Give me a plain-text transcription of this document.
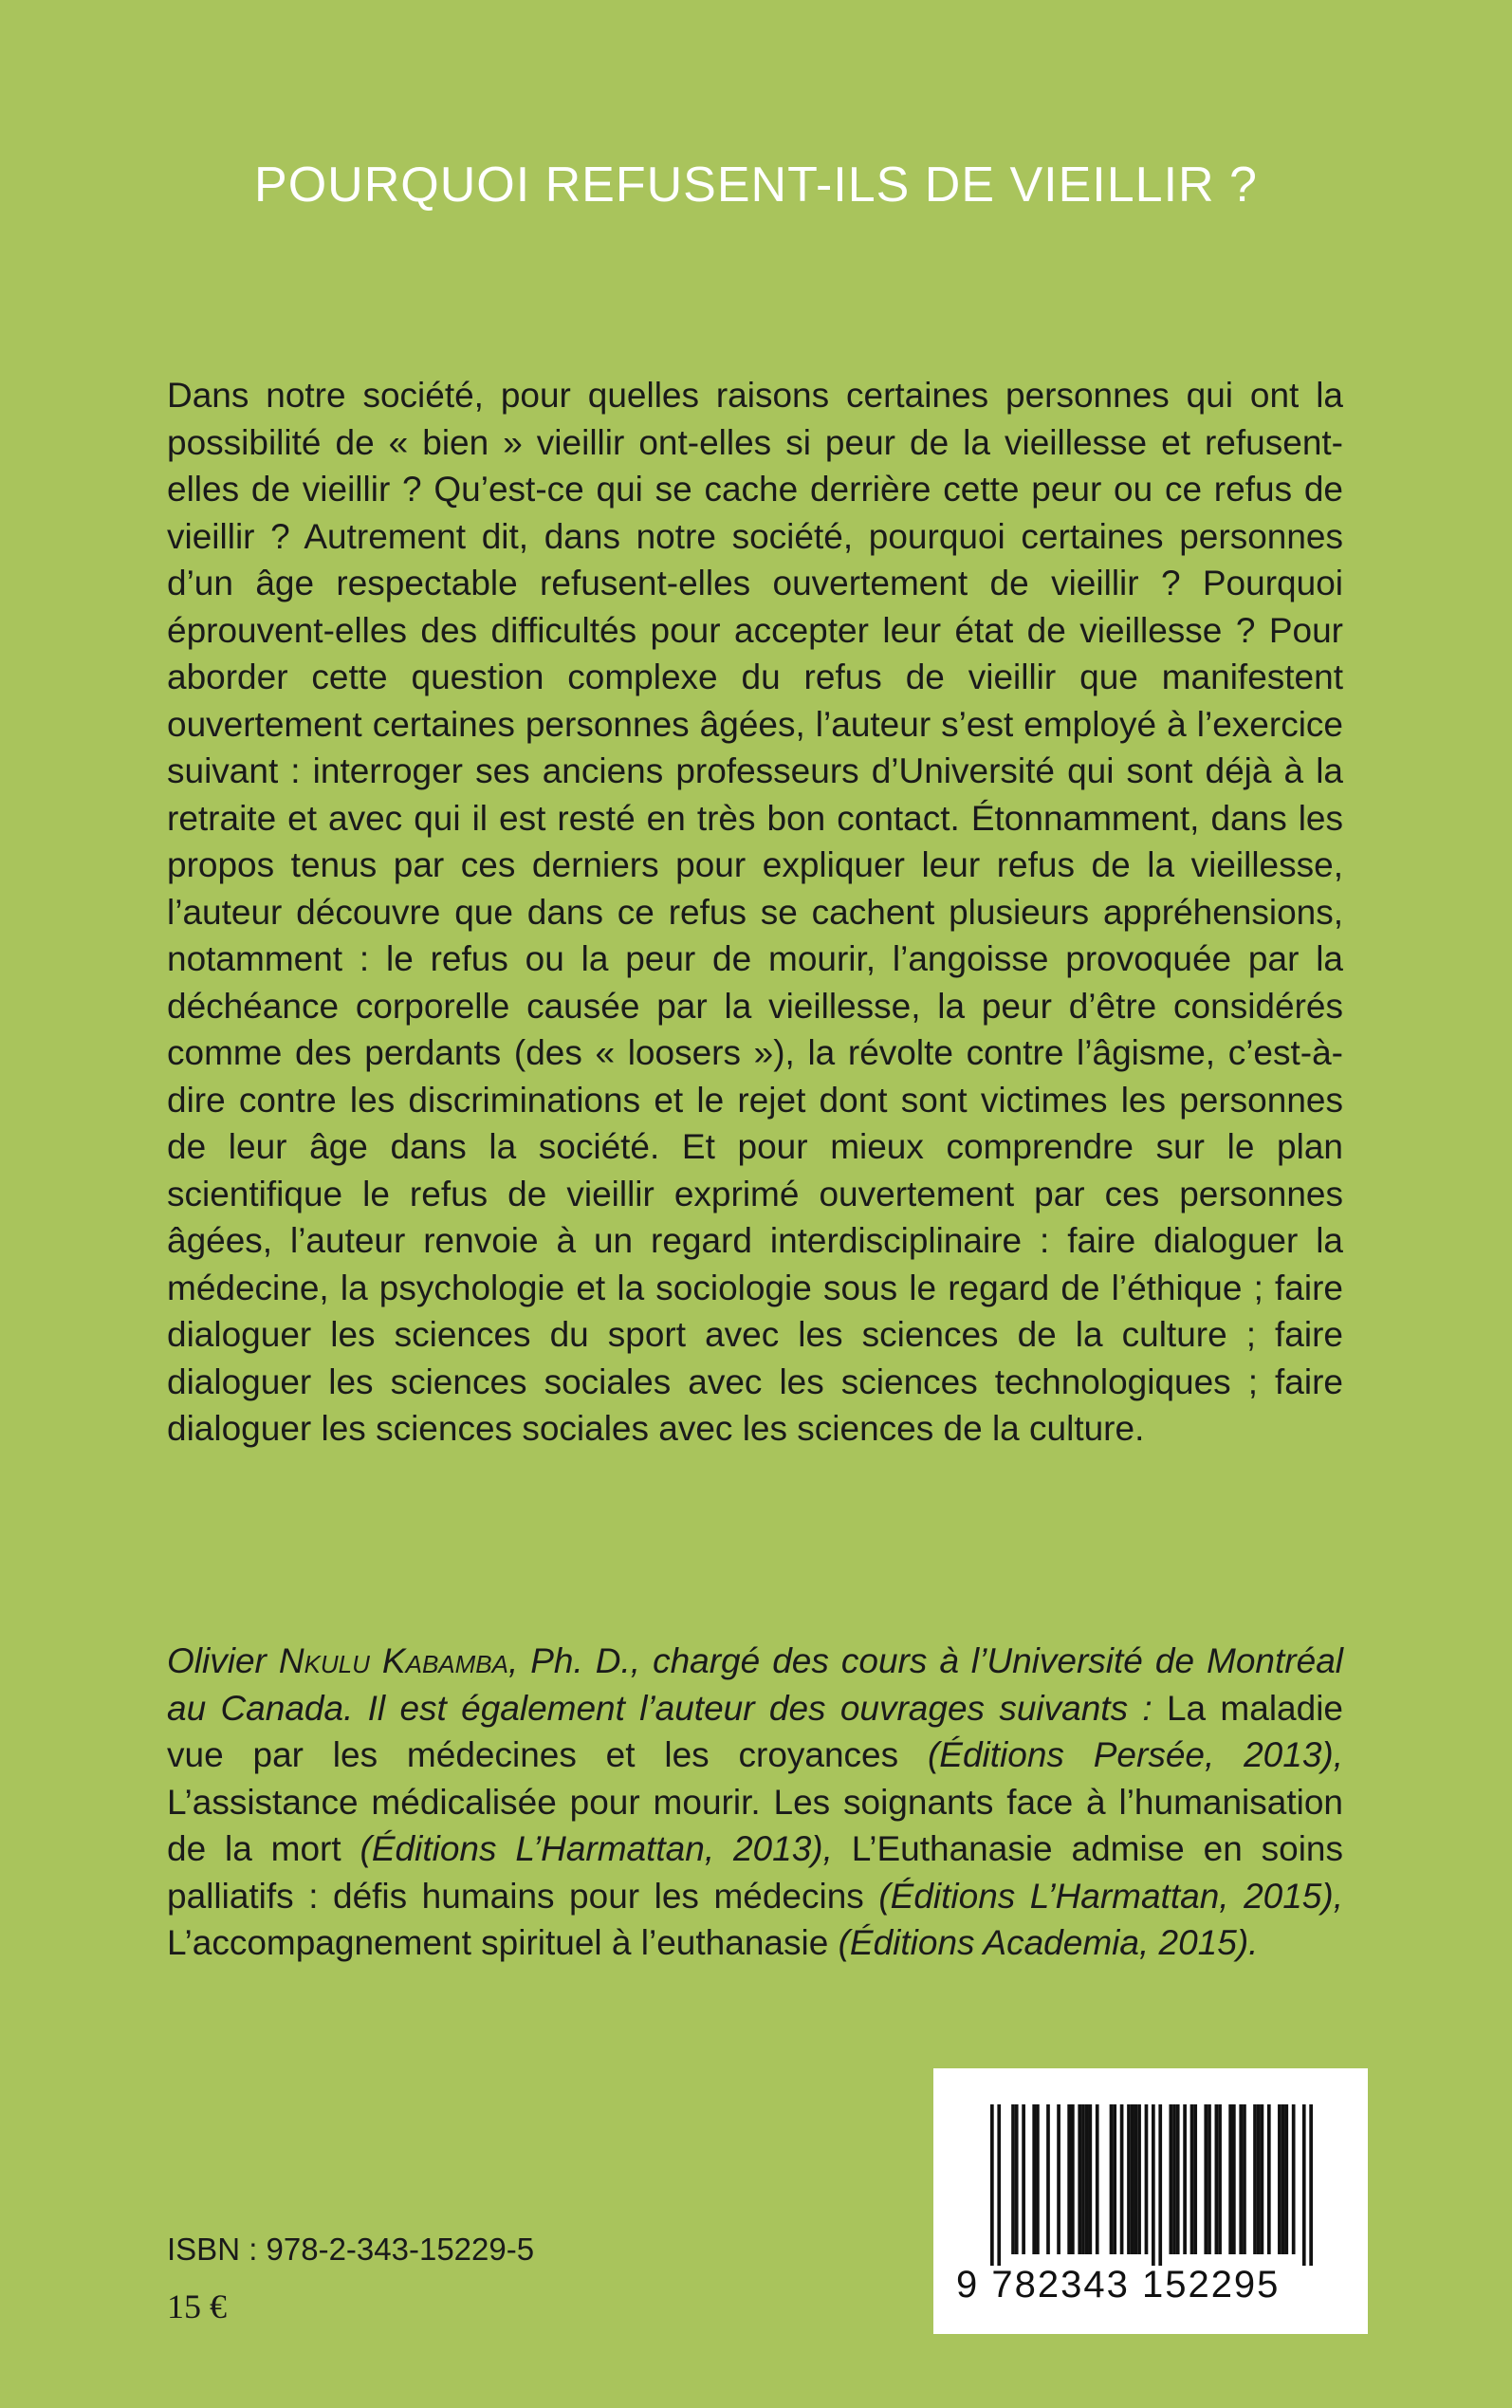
POURQUOI REFUSENT-ILS DE VIEILLIR ?

Dans notre société, pour quelles raisons certaines personnes qui ont la possibilité de « bien » vieillir ont-elles si peur de la vieillesse et refusent-elles de vieillir ? Qu’est-ce qui se cache derrière cette peur ou ce refus de vieillir ? Autrement dit, dans notre société, pourquoi certaines personnes d’un âge respectable refusent-elles ouvertement de vieillir ? Pourquoi éprouvent-elles des difficultés pour accepter leur état de vieillesse ? Pour aborder cette question complexe du refus de vieillir que manifestent ouvertement certaines personnes âgées, l’auteur s’est employé à l’exercice suivant : interroger ses anciens professeurs d’Université qui sont déjà à la retraite et avec qui il est resté en très bon contact. Étonnamment, dans les propos tenus par ces derniers pour expliquer leur refus de la vieillesse, l’auteur découvre que dans ce refus se cachent plusieurs appréhensions, notamment : le refus ou la peur de mourir, l’angoisse provoquée par la déchéance corporelle causée par la vieillesse, la peur d’être considérés comme des perdants (des « loosers »), la révolte contre l’âgisme, c’est-à-dire contre les discriminations et le rejet dont sont victimes les personnes de leur âge dans la société. Et pour mieux comprendre sur le plan scientifique le refus de vieillir exprimé ouvertement par ces personnes âgées, l’auteur renvoie à un regard interdisciplinaire : faire dialoguer la médecine, la psychologie et la sociologie sous le regard de l’éthique ; faire dialoguer les sciences du sport avec les sciences de la culture ; faire dialoguer les sciences sociales avec les sciences technologiques ; faire dialoguer les sciences sociales avec les sciences de la culture.

Olivier Nkulu Kabamba, Ph. D., chargé des cours à l’Université de Montréal au Canada. Il est également l’auteur des ouvrages suivants : La maladie vue par les médecines et les croyances (Éditions Persée, 2013), L’assistance médicalisée pour mourir. Les soignants face à l’humanisation de la mort (Éditions L’Harmattan, 2013), L’Euthanasie admise en soins palliatifs : défis humains pour les médecins (Éditions L’Harmattan, 2015), L’accompagnement spirituel à l’euthanasie (Éditions Academia, 2015).

9 782343 152295
ISBN : 978-2-343-15229-5
15 €
